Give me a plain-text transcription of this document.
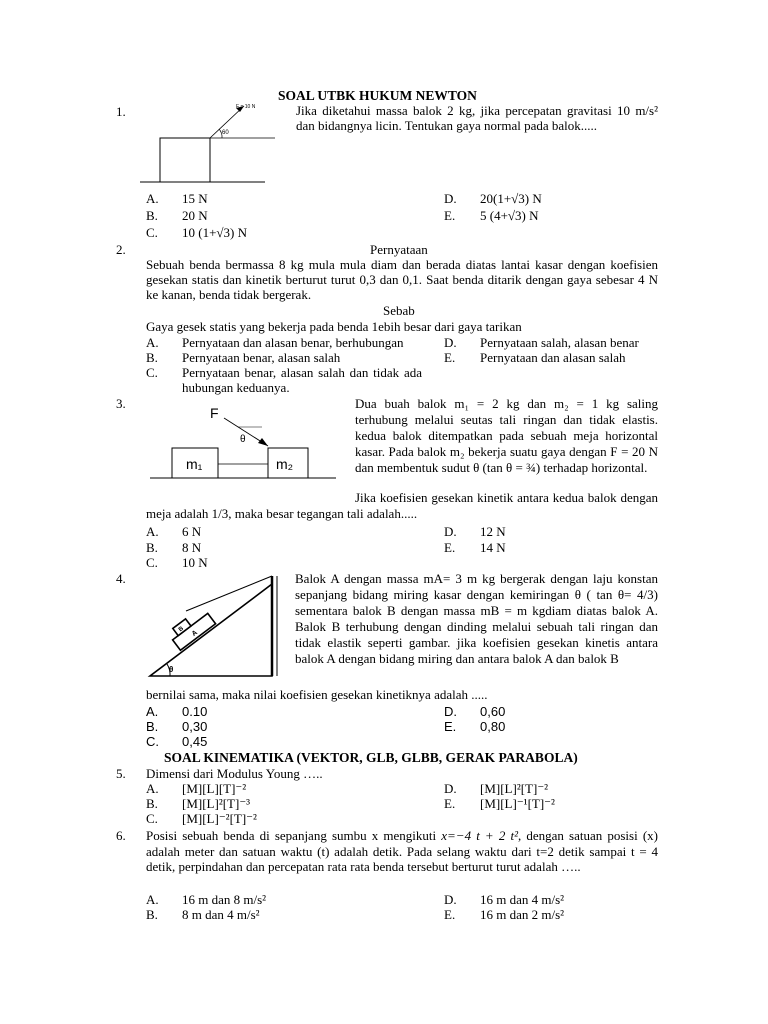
SOAL UTBK HUKUM NEWTON
1.
60
F = 10 N	Jika diketahui massa balok 2 kg, jika percepatan gravitasi 10 m/s² dan bidangnya licin. Tentukan gaya normal pada balok.....
A. 15 N
B. 20 N
C. 10 (1+√3) N
D. 20(1+√3) N
E. 5 (4+√3) N
2.	Pernyataan
Sebuah benda bermassa 8 kg mula mula diam dan berada diatas lantai kasar dengan koefisien gesekan statis dan kinetik berturut turut 0,3 dan 0,1. Saat benda ditarik dengan gaya sebesar 4 N ke kanan, benda tidak bergerak.
Sebab
Gaya gesek statis yang bekerja pada benda 1ebih besar dari gaya tarikan
A. Pernyataan dan alasan benar, berhubungan
B. Pernyataan benar, alasan salah
C. Pernyataan benar, alasan salah dan tidak ada hubungan keduanya.
D. Pernyataan salah, alasan benar
E. Pernyataan dan alasan salah
3.
F
θ
m₁	m₂
Dua buah balok m₁ = 2 kg dan m₂ = 1 kg saling terhubung melalui seutas tali ringan dan tidak elastis. kedua balok ditempatkan pada sebuah meja horizontal kasar. Pada balok m₂ bekerja suatu gaya dengan F = 20 N dan membentuk sudut θ (tan θ = ¾) terhadap horizontal.
Jika koefisien gesekan kinetik antara kedua balok dengan meja adalah 1/3, maka besar tegangan tali adalah.....
A. 6 N
B. 8 N
C. 10 N
D. 12 N
E. 14 N
4.
A
B
θ
Balok A dengan massa mA= 3 m kg bergerak dengan laju konstan sepanjang bidang miring kasar dengan kemiringan θ ( tan θ= 4/3) sementara balok B dengan massa mB = m kgdiam diatas balok A. Balok B terhubung dengan dinding melalui sebuah tali ringan dan tidak elastik seperti gambar. jika koefisien gesekan kinetis antara balok A dengan bidang miring dan antara balok A dan balok B
bernilai sama, maka nilai koefisien gesekan kinetiknya adalah .....
A. 0.10
B. 0,30
C. 0,45
D. 0,60
E. 0,80
SOAL KINEMATIKA (VEKTOR, GLB, GLBB, GERAK PARABOLA)
5. Dimensi dari Modulus Young …..
A. [M][L][T]⁻²
B. [M][L]²[T]⁻³
C. [M][L]⁻²[T]⁻²
D. [M][L]²[T]⁻²
E. [M][L]⁻¹[T]⁻²
6. Posisi sebuah benda di sepanjang sumbu x mengikuti x=−4 t + 2 t², dengan satuan posisi (x) adalah meter dan satuan waktu (t) adalah detik. Pada selang waktu dari t=2 detik sampai t = 4 detik, perpindahan dan percepatan rata rata benda tersebut berturut turut adalah …..
A. 16 m dan 8 m/s²
B. 8 m dan 4 m/s²
D. 16 m dan 4 m/s²
E. 16 m dan 2 m/s²
